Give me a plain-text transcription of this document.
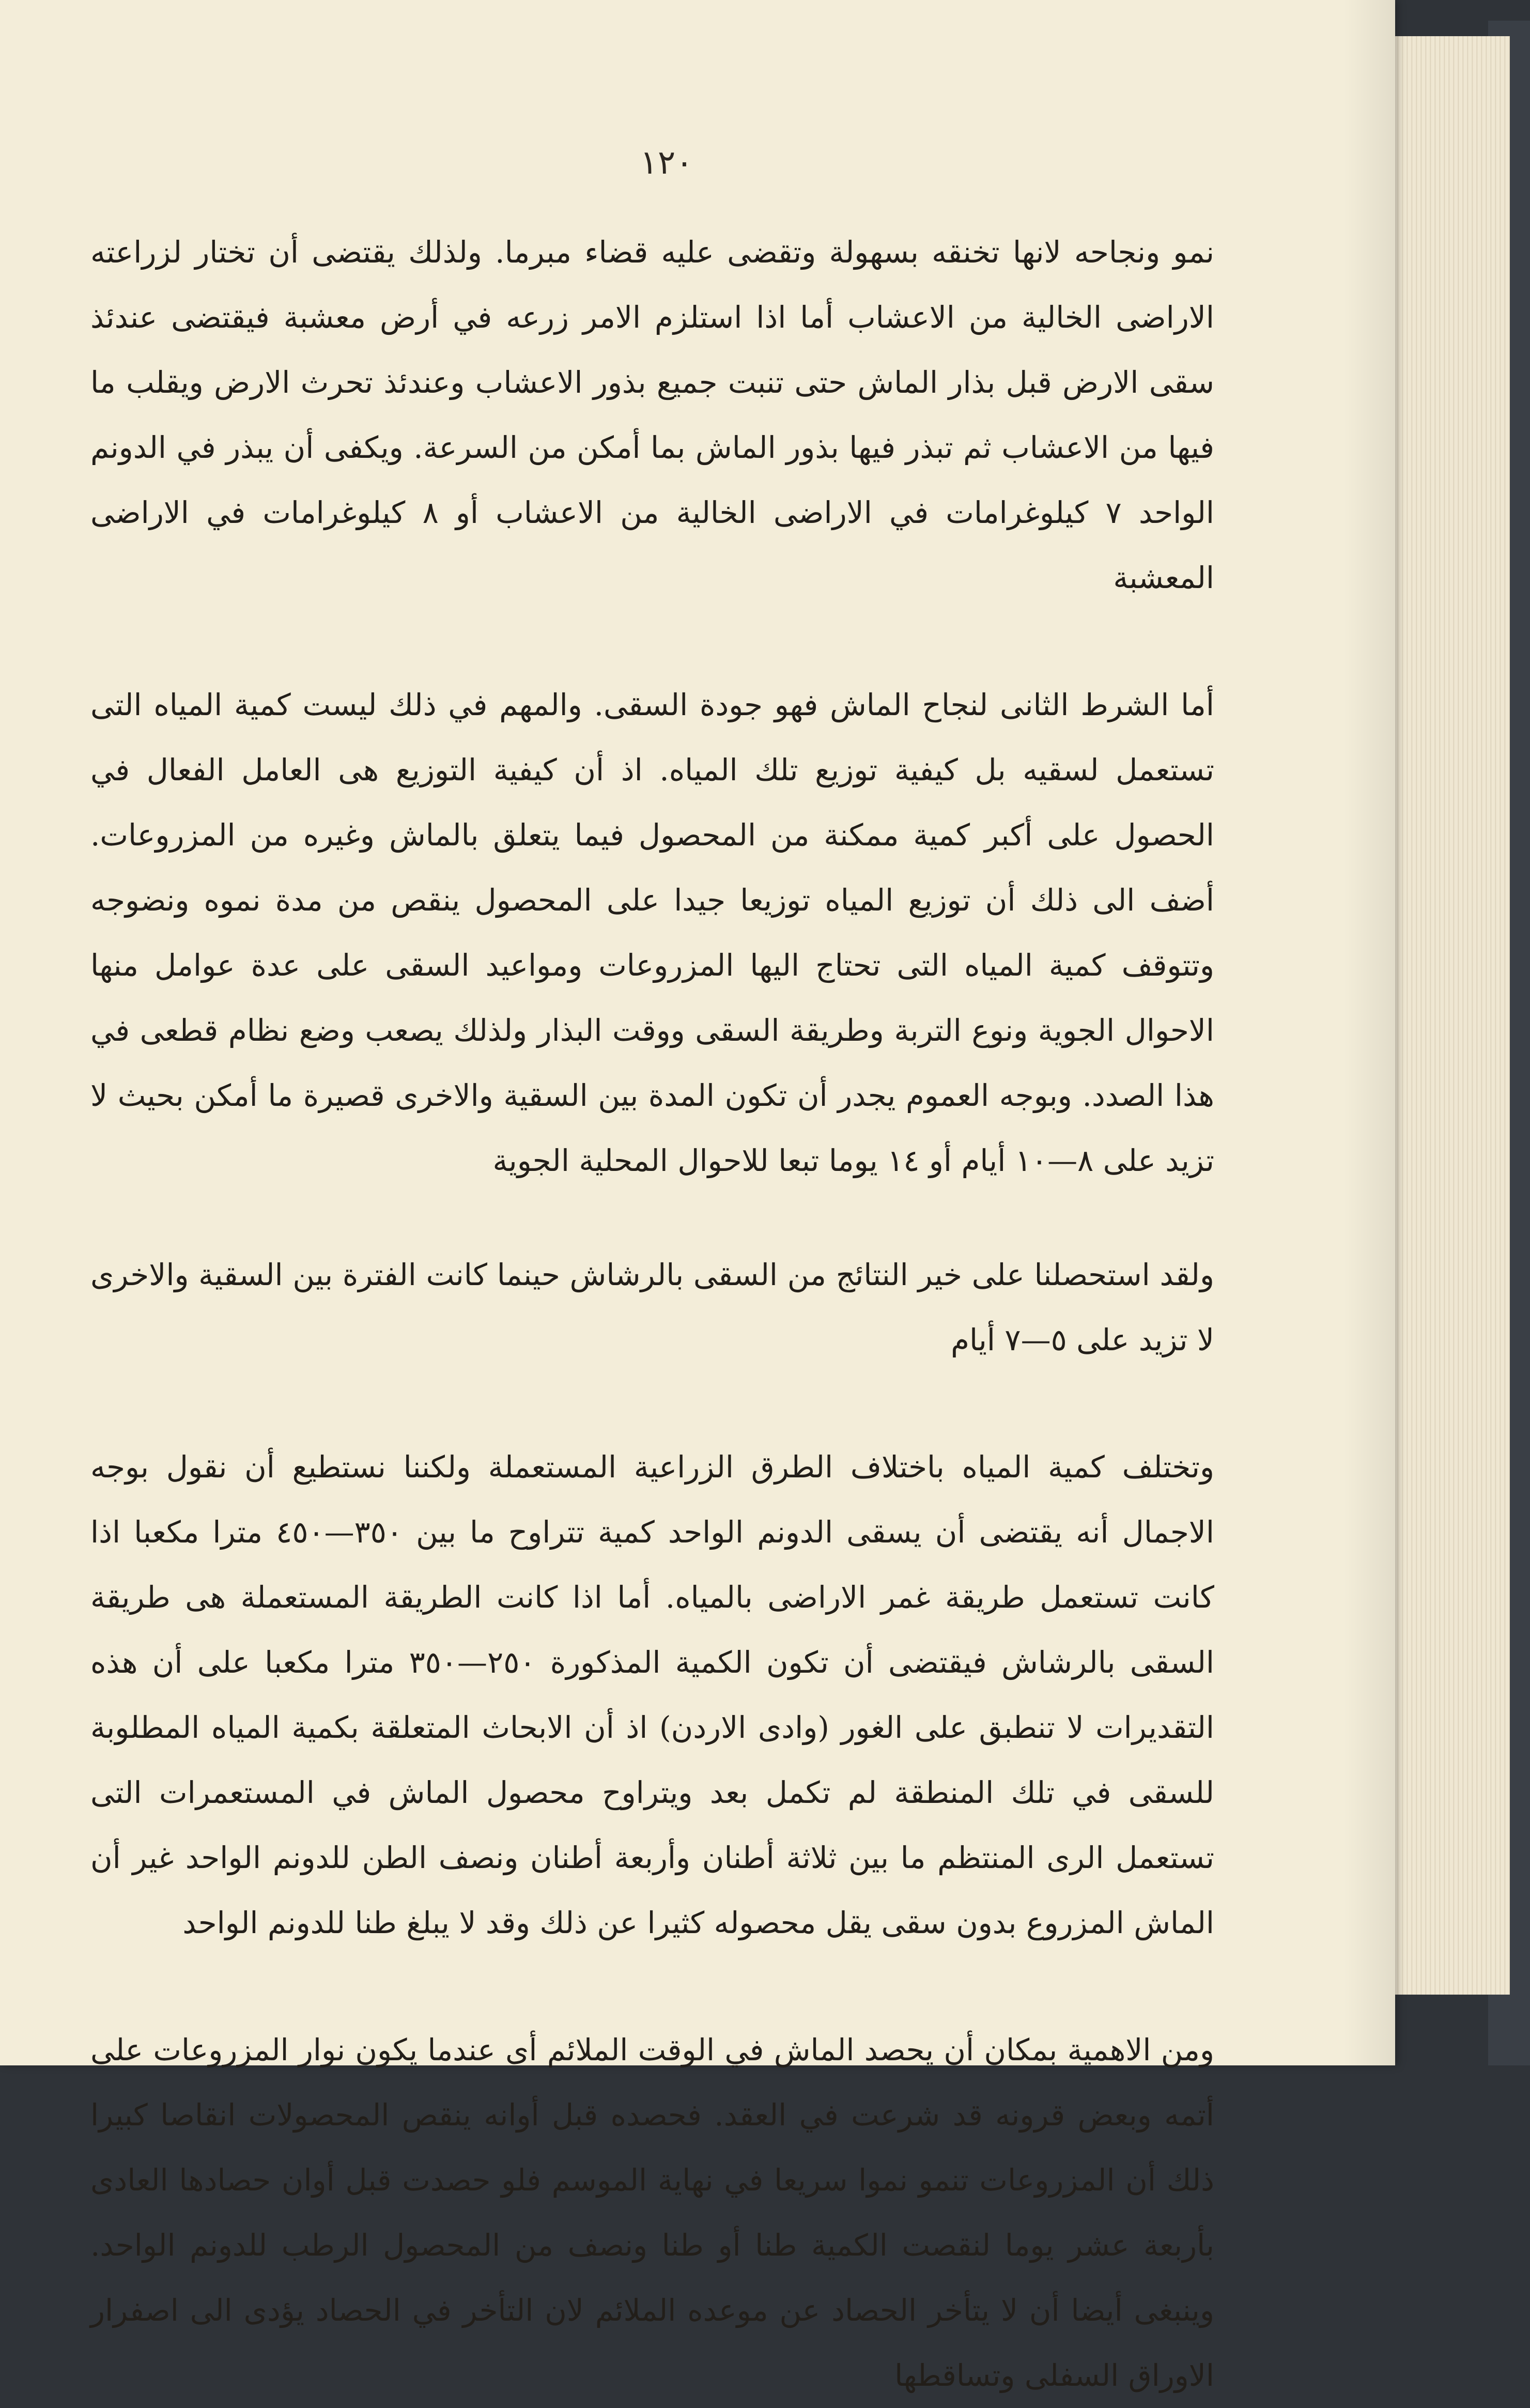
١٢٠

نمو ونجاحه لانها تخنقه بسهولة وتقضى عليه قضاء مبرما. ولذلك يقتضى أن تختار لزراعته الاراضى الخالية من الاعشاب أما اذا استلزم الامر زرعه في أرض معشبة فيقتضى عندئذ سقى الارض قبل بذار الماش حتى تنبت جميع بذور الاعشاب وعندئذ تحرث الارض ويقلب ما فيها من الاعشاب ثم تبذر فيها بذور الماش بما أمكن من السرعة. ويكفى أن يبذر في الدونم الواحد ٧ كيلوغرامات في الاراضى الخالية من الاعشاب أو ٨ كيلوغرامات في الاراضى المعشبة

أما الشرط الثانى لنجاح الماش فهو جودة السقى. والمهم في ذلك ليست كمية المياه التى تستعمل لسقيه بل كيفية توزيع تلك المياه. اذ أن كيفية التوزيع هى العامل الفعال في الحصول على أكبر كمية ممكنة من المحصول فيما يتعلق بالماش وغيره من المزروعات. أضف الى ذلك أن توزيع المياه توزيعا جيدا على المحصول ينقص من مدة نموه ونضوجه وتتوقف كمية المياه التى تحتاج اليها المزروعات ومواعيد السقى على عدة عوامل منها الاحوال الجوية ونوع التربة وطريقة السقى ووقت البذار ولذلك يصعب وضع نظام قطعى في هذا الصدد. وبوجه العموم يجدر أن تكون المدة بين السقية والاخرى قصيرة ما أمكن بحيث لا تزيد على ٨—١٠ أيام أو ١٤ يوما تبعا للاحوال المحلية الجوية

ولقد استحصلنا على خير النتائج من السقى بالرشاش حينما كانت الفترة بين السقية والاخرى لا تزيد على ٥—٧ أيام

وتختلف كمية المياه باختلاف الطرق الزراعية المستعملة ولكننا نستطيع أن نقول بوجه الاجمال أنه يقتضى أن يسقى الدونم الواحد كمية تتراوح ما بين ٣٥٠—٤٥٠ مترا مكعبا اذا كانت تستعمل طريقة غمر الاراضى بالمياه. أما اذا كانت الطريقة المستعملة هى طريقة السقى بالرشاش فيقتضى أن تكون الكمية المذكورة ٢٥٠—٣٥٠ مترا مكعبا على أن هذه التقديرات لا تنطبق على الغور (وادى الاردن) اذ أن الابحاث المتعلقة بكمية المياه المطلوبة للسقى في تلك المنطقة لم تكمل بعد ويتراوح محصول الماش في المستعمرات التى تستعمل الرى المنتظم ما بين ثلاثة أطنان وأربعة أطنان ونصف الطن للدونم الواحد غير أن الماش المزروع بدون سقى يقل محصوله كثيرا عن ذلك وقد لا يبلغ طنا للدونم الواحد

ومن الاهمية بمكان أن يحصد الماش في الوقت الملائم أى عندما يكون نوار المزروعات على أتمه وبعض قرونه قد شرعت في العقد. فحصده قبل أوانه ينقص المحصولات انقاصا كبيرا ذلك أن المزروعات تنمو نموا سريعا في نهاية الموسم فلو حصدت قبل أوان حصادها العادى بأربعة عشر يوما لنقصت الكمية طنا أو طنا ونصف من المحصول الرطب للدونم الواحد. وينبغى أيضا أن لا يتأخر الحصاد عن موعده الملائم لان التأخر في الحصاد يؤدى الى اصفرار الاوراق السفلى وتساقطها
